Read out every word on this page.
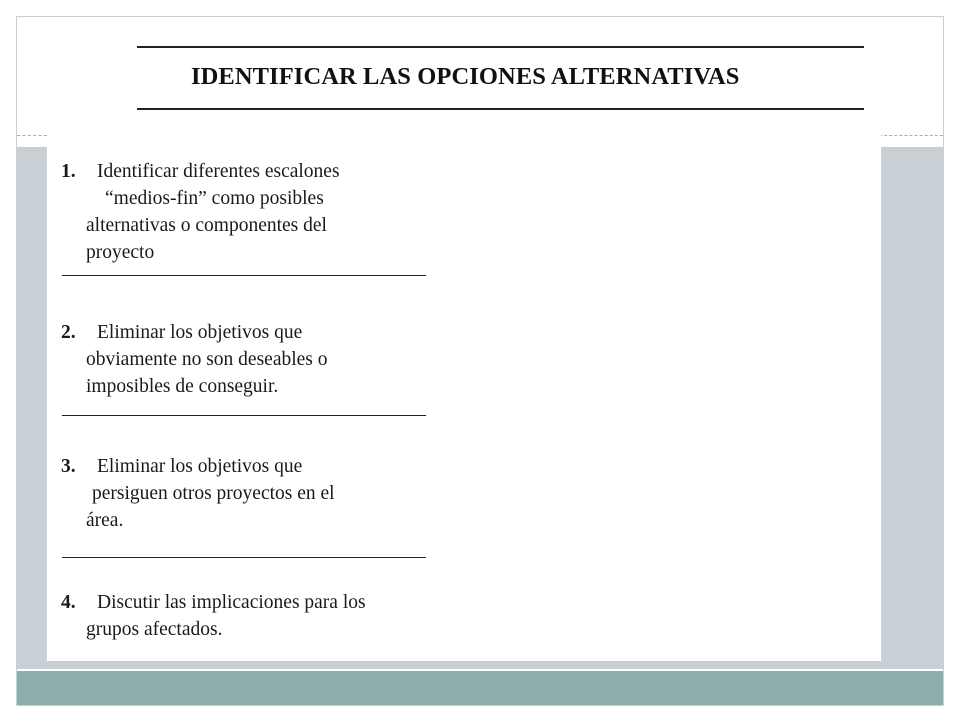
IDENTIFICAR LAS OPCIONES ALTERNATIVAS
1. Identificar diferentes escalones
“medios-fin” como posibles
alternativas o componentes del
proyecto
2. Eliminar los objetivos que
obviamente no son deseables o
imposibles de conseguir.
3. Eliminar los objetivos que
persiguen otros proyectos en el
área.
4. Discutir las implicaciones para los
grupos afectados.
